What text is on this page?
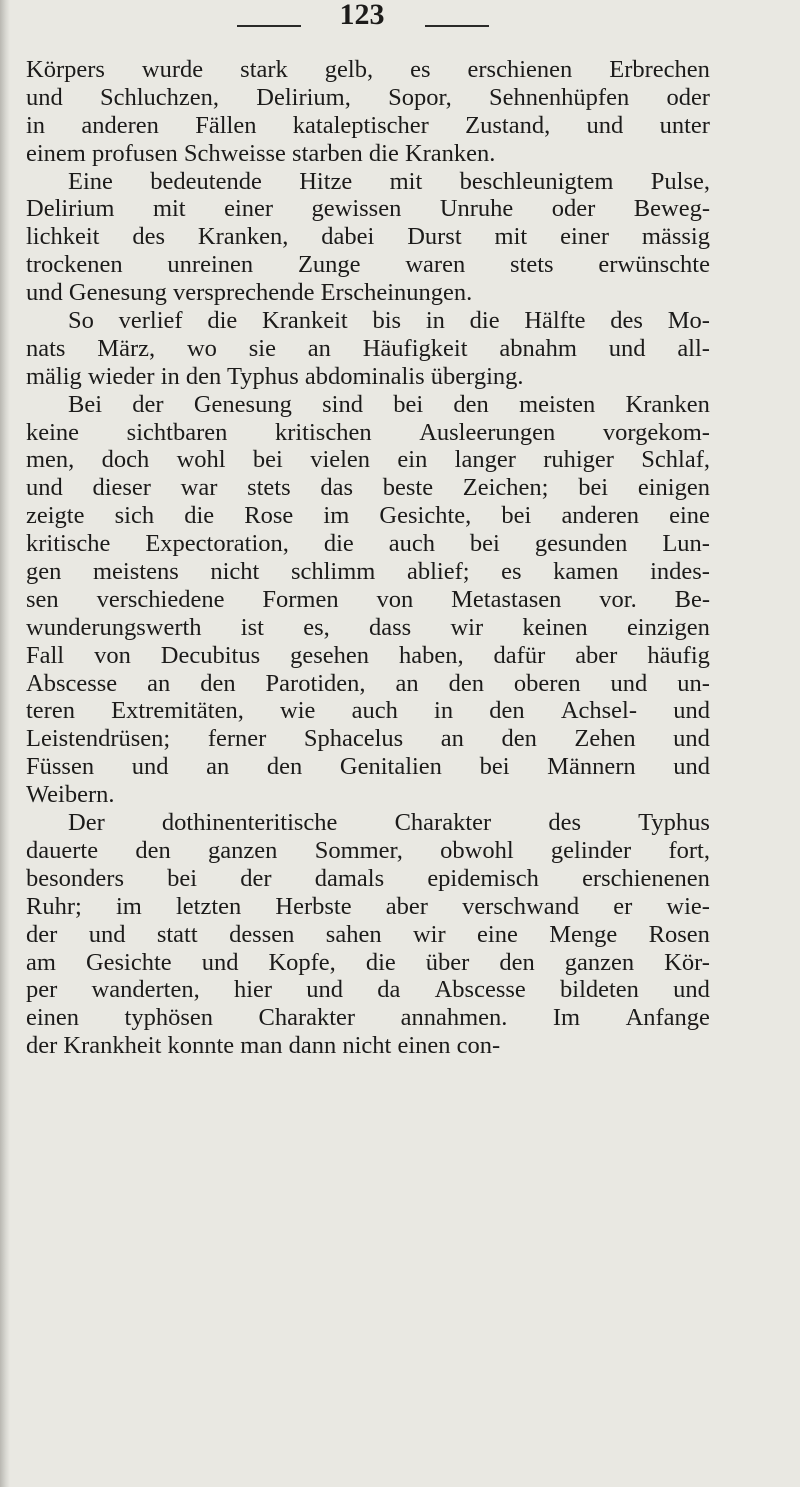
123
Körpers wurde stark gelb, es erschienen Erbrechen
und Schluchzen, Delirium, Sopor, Sehnenhüpfen oder
in anderen Fällen kataleptischer Zustand, und unter
einem profusen Schweisse starben die Kranken.
Eine bedeutende Hitze mit beschleunigtem Pulse,
Delirium mit einer gewissen Unruhe oder Beweg-
lichkeit des Kranken, dabei Durst mit einer mässig
trockenen unreinen Zunge waren stets erwünschte
und Genesung versprechende Erscheinungen.
So verlief die Krankeit bis in die Hälfte des Mo-
nats März, wo sie an Häufigkeit abnahm und all-
mälig wieder in den Typhus abdominalis überging.
Bei der Genesung sind bei den meisten Kranken
keine sichtbaren kritischen Ausleerungen vorgekom-
men, doch wohl bei vielen ein langer ruhiger Schlaf,
und dieser war stets das beste Zeichen; bei einigen
zeigte sich die Rose im Gesichte, bei anderen eine
kritische Expectoration, die auch bei gesunden Lun-
gen meistens nicht schlimm ablief; es kamen indes-
sen verschiedene Formen von Metastasen vor. Be-
wunderungswerth ist es, dass wir keinen einzigen
Fall von Decubitus gesehen haben, dafür aber häufig
Abscesse an den Parotiden, an den oberen und un-
teren Extremitäten, wie auch in den Achsel- und
Leistendrüsen; ferner Sphacelus an den Zehen und
Füssen und an den Genitalien bei Männern und
Weibern.
Der dothinenteritische Charakter des Typhus
dauerte den ganzen Sommer, obwohl gelinder fort,
besonders bei der damals epidemisch erschienenen
Ruhr; im letzten Herbste aber verschwand er wie-
der und statt dessen sahen wir eine Menge Rosen
am Gesichte und Kopfe, die über den ganzen Kör-
per wanderten, hier und da Abscesse bildeten und
einen typhösen Charakter annahmen. Im Anfange
der Krankheit konnte man dann nicht einen con-
